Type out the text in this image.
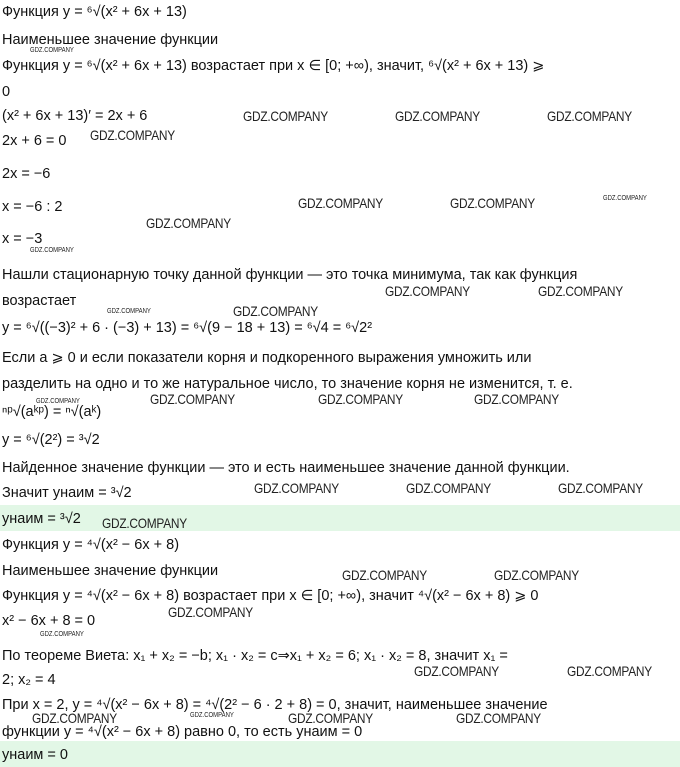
Функция y = ⁶√(x² + 6x + 13)
Наименьшее значение функции
Функция y = ⁶√(x² + 6x + 13) возрастает при x ∈ [0; +∞), значит, ⁶√(x² + 6x + 13) ⩾
0
(x² + 6x + 13)′ = 2x + 6
2x + 6 = 0
2x = −6
x = −6 : 2
x = −3
Нашли стационарную точку данной функции — это точка минимума, так как функция
возрастает
y = ⁶√((−3)² + 6 · (−3) + 13) = ⁶√(9 − 18 + 13) = ⁶√4 = ⁶√2²
Если a ⩾ 0 и если показатели корня и подкоренного выражения умножить или
разделить на одно и то же натуральное число, то значение корня не изменится, т. е.
ⁿᵖ√(aᵏᵖ) = ⁿ√(aᵏ)
y = ⁶√(2²) = ³√2
Найденное значение функции — это и есть наименьшее значение данной функции.
Значит yнаим = ³√2
yнаим = ³√2
Функция y = ⁴√(x² − 6x + 8)
Наименьшее значение функции
Функция y = ⁴√(x² − 6x + 8) возрастает при x ∈ [0; +∞), значит ⁴√(x² − 6x + 8) ⩾ 0
x² − 6x + 8 = 0
По теореме Виета: x₁ + x₂ = −b; x₁ · x₂ = c⇒x₁ + x₂ = 6; x₁ · x₂ = 8, значит x₁ =
2; x₂ = 4
При x = 2, y = ⁴√(x² − 6x + 8) = ⁴√(2² − 6 · 2 + 8) = 0, значит, наименьшее значение
функции y = ⁴√(x² − 6x + 8) равно 0, то есть yнаим = 0
yнаим = 0
GDZ.COMPANY
GDZ.COMPANY	GDZ.COMPANY	GDZ.COMPANY
GDZ.COMPANY
GDZ.COMPANY	GDZ.COMPANY	GDZ.COMPANY
GDZ.COMPANY
GDZ.COMPANY
GDZ.COMPANY	GDZ.COMPANY
GDZ.COMPANY	GDZ.COMPANY
GDZ.COMPANY	GDZ.COMPANY	GDZ.COMPANY
GDZ.COMPANY
GDZ.COMPANY	GDZ.COMPANY	GDZ.COMPANY
GDZ.COMPANY
GDZ.COMPANY	GDZ.COMPANY
GDZ.COMPANY
GDZ.COMPANY
GDZ.COMPANY	GDZ.COMPANY
GDZ.COMPANY	GDZ.COMPANY	GDZ.COMPANY	GDZ.COMPANY
